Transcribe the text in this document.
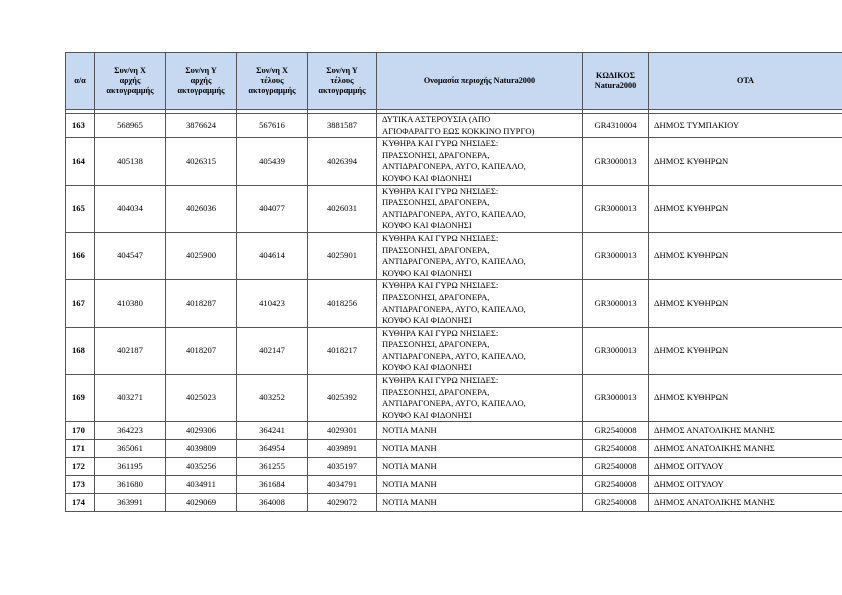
α/α	Συν/νη Χ
αρχής
ακτογραμμής	Συν/νη Υ
αρχής
ακτογραμμής	Συν/νη Χ
τέλους
ακτογραμμής	Συν/νη Υ
τέλους
ακτογραμμής	Ονομασία περιοχής Natura2000	ΚΩΔΙΚΟΣ
Natura2000	ΟΤΑ

163	568965	3876624	567616	3881587	ΔΥΤΙΚΑ ΑΣΤΕΡΟΥΣΙΑ (ΑΠΟ
ΑΓΙΟΦΑΡΑΓΓΟ ΕΩΣ ΚΟΚΚΙΝΟ ΠΥΡΓΟ)	GR4310004	ΔΗΜΟΣ ΤΥΜΠΑΚΙΟΥ
164	405138	4026315	405439	4026394	ΚΥΘΗΡΑ ΚΑΙ ΓΥΡΩ ΝΗΣΙΔΕΣ:
ΠΡΑΣΣΟΝΗΣΙ, ΔΡΑΓΟΝΕΡΑ,
ΑΝΤΙΔΡΑΓΟΝΕΡΑ, ΑΥΓΟ, ΚΑΠΕΛΛΟ,
ΚΟΥΦΟ ΚΑΙ ΦΙΔΟΝΗΣΙ	GR3000013	ΔΗΜΟΣ ΚΥΘΗΡΩΝ
165	404034	4026036	404077	4026031	ΚΥΘΗΡΑ ΚΑΙ ΓΥΡΩ ΝΗΣΙΔΕΣ:
ΠΡΑΣΣΟΝΗΣΙ, ΔΡΑΓΟΝΕΡΑ,
ΑΝΤΙΔΡΑΓΟΝΕΡΑ, ΑΥΓΟ, ΚΑΠΕΛΛΟ,
ΚΟΥΦΟ ΚΑΙ ΦΙΔΟΝΗΣΙ	GR3000013	ΔΗΜΟΣ ΚΥΘΗΡΩΝ
166	404547	4025900	404614	4025901	ΚΥΘΗΡΑ ΚΑΙ ΓΥΡΩ ΝΗΣΙΔΕΣ:
ΠΡΑΣΣΟΝΗΣΙ, ΔΡΑΓΟΝΕΡΑ,
ΑΝΤΙΔΡΑΓΟΝΕΡΑ, ΑΥΓΟ, ΚΑΠΕΛΛΟ,
ΚΟΥΦΟ ΚΑΙ ΦΙΔΟΝΗΣΙ	GR3000013	ΔΗΜΟΣ ΚΥΘΗΡΩΝ
167	410380	4018287	410423	4018256	ΚΥΘΗΡΑ ΚΑΙ ΓΥΡΩ ΝΗΣΙΔΕΣ:
ΠΡΑΣΣΟΝΗΣΙ, ΔΡΑΓΟΝΕΡΑ,
ΑΝΤΙΔΡΑΓΟΝΕΡΑ, ΑΥΓΟ, ΚΑΠΕΛΛΟ,
ΚΟΥΦΟ ΚΑΙ ΦΙΔΟΝΗΣΙ	GR3000013	ΔΗΜΟΣ ΚΥΘΗΡΩΝ
168	402187	4018207	402147	4018217	ΚΥΘΗΡΑ ΚΑΙ ΓΥΡΩ ΝΗΣΙΔΕΣ:
ΠΡΑΣΣΟΝΗΣΙ, ΔΡΑΓΟΝΕΡΑ,
ΑΝΤΙΔΡΑΓΟΝΕΡΑ, ΑΥΓΟ, ΚΑΠΕΛΛΟ,
ΚΟΥΦΟ ΚΑΙ ΦΙΔΟΝΗΣΙ	GR3000013	ΔΗΜΟΣ ΚΥΘΗΡΩΝ
169	403271	4025023	403252	4025392	ΚΥΘΗΡΑ ΚΑΙ ΓΥΡΩ ΝΗΣΙΔΕΣ:
ΠΡΑΣΣΟΝΗΣΙ, ΔΡΑΓΟΝΕΡΑ,
ΑΝΤΙΔΡΑΓΟΝΕΡΑ, ΑΥΓΟ, ΚΑΠΕΛΛΟ,
ΚΟΥΦΟ ΚΑΙ ΦΙΔΟΝΗΣΙ	GR3000013	ΔΗΜΟΣ ΚΥΘΗΡΩΝ
170	364223	4029306	364241	4029301	ΝΟΤΙΑ ΜΑΝΗ	GR2540008	ΔΗΜΟΣ ΑΝΑΤΟΛΙΚΗΣ ΜΑΝΗΣ
171	365061	4039809	364954	4039891	ΝΟΤΙΑ ΜΑΝΗ	GR2540008	ΔΗΜΟΣ ΑΝΑΤΟΛΙΚΗΣ ΜΑΝΗΣ
172	361195	4035256	361255	4035197	ΝΟΤΙΑ ΜΑΝΗ	GR2540008	ΔΗΜΟΣ ΟΙΤΥΛΟΥ
173	361680	4034911	361684	4034791	ΝΟΤΙΑ ΜΑΝΗ	GR2540008	ΔΗΜΟΣ ΟΙΤΥΛΟΥ
174	363991	4029069	364008	4029072	ΝΟΤΙΑ ΜΑΝΗ	GR2540008	ΔΗΜΟΣ ΑΝΑΤΟΛΙΚΗΣ ΜΑΝΗΣ
